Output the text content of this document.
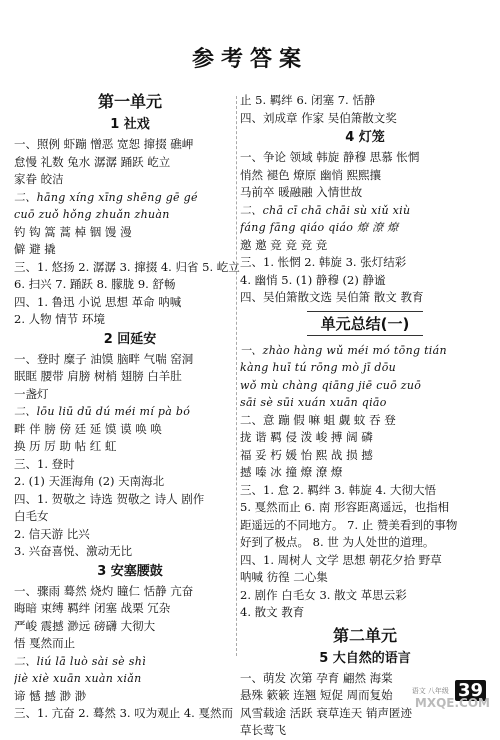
参考答案
第一单元
1 社戏
一、照例 虾蹦 憎恶 宽恕 撺掇 礁岬
怠慢 礼数 兔水 潺潺 踊跃 屹立
家眷 皎洁
二、hāng xíng xīng shēng gē gé
cuō zuǒ hǒng zhuǎn zhuàn
钓 钩 篙 蒿 棹 铟 馒 漫
僻 避 撬
三、1. 悠扬 2. 潺潺 3. 撺掇 4. 归省 5. 屹立
6. 扫兴 7. 踊跃 8. 朦胧 9. 舒畅
四、1. 鲁迅 小说 思想 革命 呐喊
2. 人物 情节 环境
2 回延安
一、登时 糜子 油馍 脑畔 气喘 窑洞
眠眶 腰带 肩膀 树梢 翅膀 白羊肚
一盏灯
二、lōu liū dū dú méi mí pà bó
畔 伴 膀 傍 廷 延 馍 谟 唤 唤
换 历 厉 助 帖 红 虹
三、1. 登时
2. (1) 天涯海角 (2) 天南海北
四、1. 贺敬之 诗选 贺敬之 诗人 剧作
白毛女
2. 信天游 比兴
3. 兴奋喜悦、激动无比
3 安塞腰鼓
一、骤雨 蓦然 烧灼 瞳仁 恬静 亢奋
晦暗 束缚 羁绊 闭塞 战栗 冗杂
严峻 震撼 渺远 磅礴 大彻大
悟 戛然而止
二、liú lā luò sài sè shì
jiè xiè xuān xuàn xiǎn
谛 憾 撼 渺 渺
三、1. 亢奋 2. 蓦然 3. 叹为观止 4. 戛然而
止 5. 羁绊 6. 闭塞 7. 恬静
四、刘成章 作家 吴伯箫散文奖
4 灯笼
一、争论 领域 韩旋 静穆 思慕 怅惘
悄然 褪色 燎原 幽悄 熙熙攘
马前卒 暖融融 入情世故
二、chā cī chā chāi sù xiǔ xiù
fáng fāng qiáo qiáo 燎 潦 燎
邀 邀 竞 竞 竞 竞
三、1. 怅惘 2. 韩旋 3. 张灯结彩
4. 幽悄 5. (1) 静穆 (2) 静谧
四、吴伯箫散文选 吴伯箫 散文 教育
单元总结(一)
一、zhào hàng wǔ méi mó tōng tián
kàng huī tú rōng mò jī dōu
wǒ mù chàng qiāng jiē cuō zuō
sāi sè sūi xuán xuān qiāo
二、意 蹦 假 嘛 蛆 觑 蚊 吞 登
拢 谐 羁 侵 泼 峻 搏 阔 磷
福 妥 朽 媛 怡 熙 战 损 撼
撼 嗪 冰 撞 燎 潦 燎
三、1. 怠 2. 羁绊 3. 韩旋 4. 大彻大悟
5. 戛然而止 6. 南 形容距离遥远，也指相
距遥远的不同地方。 7. 止 赞美看到的事物
好到了极点。 8. 世 为人处世的道理。
四、1. 周树人 文学 思想 朝花夕拾 野草
呐喊 彷徨 二心集
2. 剧作 白毛女 3. 散文 革思云彩
4. 散文 教育
第二单元
5 大自然的语言
一、萌发 次第 孕育 翩然 海棠
悬殊 簌簌 连翘 短促 周而复始
风雪载途 活跃 衰草连天 销声匿迹
草长莺飞
语文 八年级 39
MXQE.COM
